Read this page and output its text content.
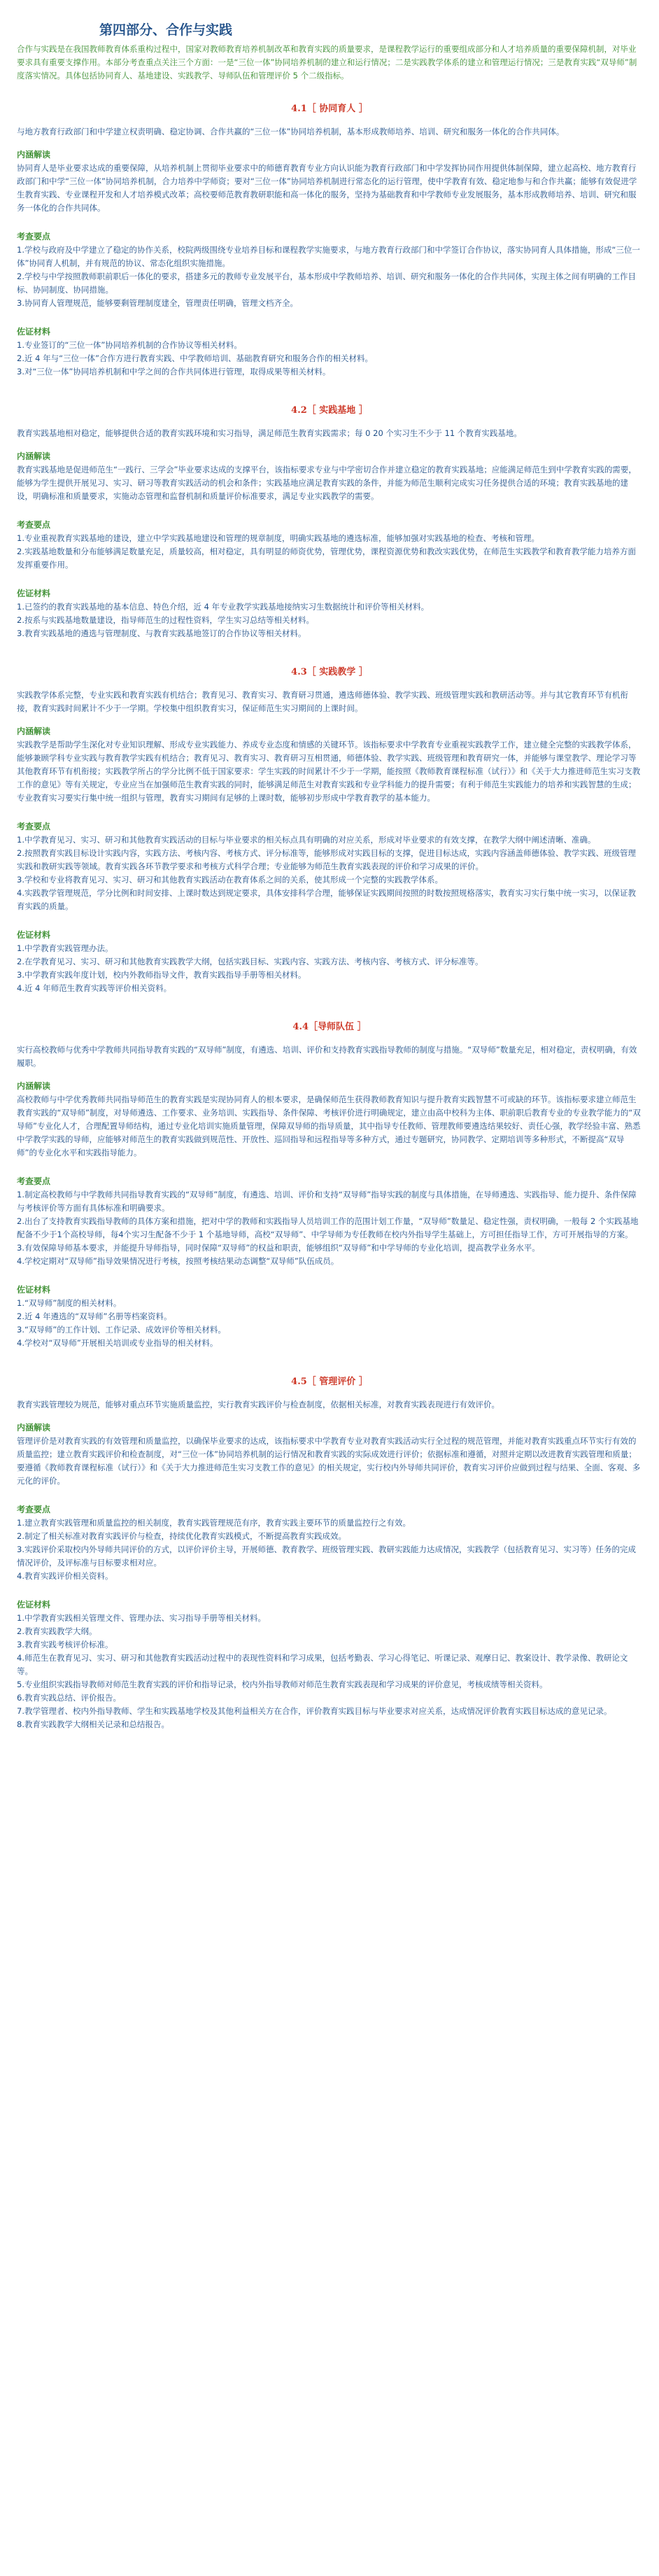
第四部分、合作与实践

合作与实践是在我国教师教育体系重构过程中，国家对教师教育培养机制改革和教育实践的质量要求，是课程教学运行的重要组成部分和人才培养质量的重要保障机制，对毕业要求具有重要支撑作用。本部分考查重点关注三个方面：一是“三位一体”协同培养机制的建立和运行情况；二是实践教学体系的建立和管理运行情况；三是教育实践“双导师”制度落实情况。具体包括协同育人、基地建设、实践教学、导师队伍和管理评价 5 个二级指标。

4.1［ 协同育人 ］

与地方教育行政部门和中学建立权责明确、稳定协调、合作共赢的“三位一体”协同培养机制，基本形成教师培养、培训、研究和服务一体化的合作共同体。

内涵解读

协同育人是毕业要求达成的重要保障，从培养机制上贯彻毕业要求中的师德育教育专业方向认识能为教育行政部门和中学发挥协同作用提供体制保障，建立起高校、地方教育行政部门和中学“三位一体”协同培养机制，合力培养中学师资；要对“三位一体”协同培养机制进行常态化的运行管理，使中学教育有效、稳定地参与和合作共赢；能够有效促进学生教育实践、专业课程开发和人才培养模式改革；高校要师范教育教研职能和高一体化的服务，坚持为基础教育和中学教师专业发展服务，基本形成教师培养、培训、研究和服务一体化的合作共同体。

考查要点

1.学校与政府及中学建立了稳定的协作关系，校院两级围绕专业培养目标和课程教学实施要求，与地方教育行政部门和中学签订合作协议，落实协同育人具体措施，形成“三位一体”协同育人机制，并有规范的协议、常态化组织实施措施。

2.学校与中学按照教师职前职后一体化的要求，搭建多元的教师专业发展平台，基本形成中学教师培养、培训、研究和服务一体化的合作共同体，实现主体之间有明确的工作目标、协同制度、协同措施。

3.协同育人管理规范，能够要剩管理制度建全，管理责任明确，管理文档齐全。

佐证材料

1.专业签订的“三位一体”协同培养机制的合作协议等相关材料。

2.近 4 年与“三位一体”合作方进行教育实践、中学教师培训、基础教育研究和服务合作的相关材料。

3.对“三位一体”协同培养机制和中学之间的合作共同体进行管理，取得成果等相关材料。

4.2［ 实践基地 ］

教育实践基地相对稳定，能够提供合适的教育实践环境和实习指导，满足师范生教育实践需求；每 0 20 个实习生不少于 11 个教育实践基地。

内涵解读

教育实践基地是促进师范生“一践行、三学会”毕业要求达成的支撑平台，该指标要求专业与中学密切合作并建立稳定的教育实践基地；应能满足师范生到中学教育实践的需要，能够为学生提供开展见习、实习、研习等教育实践活动的机会和条件；实践基地应满足教育实践的条件，并能为师范生顺利完成实习任务提供合适的环境；教育实践基地的建设，明确标准和质量要求，实施动态管理和监督机制和质量评价标准要求，满足专业实践教学的需要。

考查要点

1.专业重视教育实践基地的建设，建立中学实践基地建设和管理的规章制度，明确实践基地的遴选标准，能够加强对实践基地的检查、考核和管理。

2.实践基地数量和分布能够满足数量充足，质量较高，相对稳定，具有明显的师资优势，管理优势，课程资源优势和教改实践优势，在师范生实践教学和教育教学能力培养方面发挥重要作用。

佐证材料

1.已签约的教育实践基地的基本信息、特色介绍，近 4 年专业教学实践基地接纳实习生数据统计和评价等相关材料。

2.按系与实践基地数量建设，指导师范生的过程性资料，学生实习总结等相关材料。

3.教育实践基地的遴选与管理制度、与教育实践基地签订的合作协议等相关材料。

4.3［ 实践教学 ］

实践教学体系完整，专业实践和教育实践有机结合；教育见习、教育实习、教育研习贯通，遴选师德体验、教学实践、班级管理实践和教研活动等。并与其它教育环节有机衔接，教育实践时间累计不少于一学期。学校集中组织教育实习，保证师范生实习期间的上课时间。

内涵解读

实践教学是帮助学生深化对专业知识理解、形成专业实践能力、养成专业态度和情感的关键环节。该指标要求中学教育专业重视实践教学工作，建立健全完整的实践教学体系，能够兼顾学科专业实践与教育教学实践有机结合；教育见习、教育实习、教育研习互相贯通，师德体验、教学实践、班级管理和教育研究一体，并能够与课堂教学、理论学习等其他教育环节有机衔接；实践教学所占的学分比例不低于国家要求：学生实践的时间累计不少于一学期，能按照《教师教育课程标准（试行）》和《关于大力推进师范生实习支教工作的意见》等有关规定，专业应当在加强师范生教育实践的同时，能够满足师范生对教育实践和专业学科能力的提升需要；有利于师范生实践能力的培养和实践智慧的生成；专业教育实习要实行集中统一组织与管理，教育实习期间有足够的上课时数，能够初步形成中学教育教学的基本能力。

考查要点

1.中学教育见习、实习、研习和其他教育实践活动的目标与毕业要求的相关标点具有明确的对应关系，形成对毕业要求的有效支撑，在教学大纲中阐述清晰、准确。

2.按照教育实践目标设计实践内容，实践方法、考核内容、考核方式、评分标准等，能够形成对实践目标的支撑，促进目标达成，实践内容涵盖师德体验、教学实践、班级管理实践和教研实践等领域。教育实践各环节教学要求和考核方式科学合理；专业能够为师范生教育实践表现的评价和学习成果的评价。

3.学校和专业将教育见习、实习、研习和其他教育实践活动在教育体系之间的关系，使其形成一个完整的实践教学体系。

4.实践教学管理规范，学分比例和时间安排、上课时数达到规定要求，具体安排科学合理，能够保证实践期间按照的时数按照规格落实，教育实习实行集中统一实习，以保证教育实践的质量。

佐证材料

1.中学教育实践管理办法。

2.在学教育见习、实习、研习和其他教育实践教学大纲，包括实践目标、实践内容、实践方法、考核内容、考核方式、评分标准等。

3.中学教育实践年度计划，校内外教师指导文件，教育实践指导手册等相关材料。

4.近 4 年师范生教育实践等评价相关资料。

4.4［导师队伍 ］

实行高校教师与优秀中学教师共同指导教育实践的“双导师”制度，有遴选、培训、评价和支持教育实践指导教师的制度与措施。“双导师”数量充足，相对稳定，责权明确，有效履职。

内涵解读

高校教师与中学优秀教师共同指导师范生的教育实践是实现协同育人的根本要求，是确保师范生获得教师教育知识与提升教育实践智慧不可或缺的环节。该指标要求建立师范生教育实践的“双导师”制度，对导师遴选、工作要求、业务培训、实践指导、条件保障、考核评价进行明确规定，建立由高中校科为主体、职前职后教育专业的专业教学能力的“双导师”专业化人才，合理配置导师结构，通过专业化培训实施质量管理，保障双导师的指导质量，其中指导专任教师、管理教师要遴选结果较好、责任心强，教学经验丰富、熟悉中学教学实践的导师，应能够对师范生的教育实践做到规范性、开放性、巡回指导和远程指导等多种方式，通过专题研究，协同教学、定期培训等多种形式，不断提高“双导师”的专业化水平和实践指导能力。

考查要点

1.制定高校教师与中学教师共同指导教育实践的“双导师”制度，有遴选、培训、评价和支持“双导师”指导实践的制度与具体措施，在导师遴选、实践指导、能力提升、条件保障与考核评价等方面有具体标准和明确要求。

2.出台了支持教育实践指导教师的具体方案和措施，把对中学的教师和实践指导人员培训工作的范围计划工作量，“双导师”数量足、稳定性强，责权明确，一般每 2 个实践基地配备不少于1个高校导师，每4个实习生配备不少于 1 个基地导师，高校“双导师”、中学导师为专任教师在校内外指导学生基础上，方可担任指导工作，方可开展指导的方案。

3.有效保障导师基本要求，并能提升导师指导，同时保障“双导师”的权益和职责，能够组织“双导师”和中学导师的专业化培训，提高教学业务水平。

4.学校定期对“双导师”指导效果情况进行考核，按照考核结果动态调整“双导师”队伍成员。

佐证材料

1.“双导师”制度的相关材料。

2.近 4 年遴选的“双导师”名册等档案资料。

3.“双导师”的工作计划、工作记录、成效评价等相关材料。

4.学校对“双导师”开展相关培训或专业指导的相关材料。

4.5［ 管理评价 ］

教育实践管理较为规范，能够对重点环节实施质量监控，实行教育实践评价与检查制度，依据相关标准，对教育实践表现进行有效评价。

内涵解读

管理评价是对教育实践的有效管理和质量监控，以确保毕业要求的达成，该指标要求中学教育专业对教育实践活动实行全过程的规范管理，并能对教育实践重点环节实行有效的质量监控；建立教育实践评价和检查制度，对“三位一体”协同培养机制的运行情况和教育实践的实际成效进行评价；依据标准和遵循，对照并定期以改进教育实践管理和质量；要遵循《教师教育课程标准（试行）》和《关于大力推进师范生实习支教工作的意见》的相关规定，实行校内外导师共同评价，教育实习评价应做到过程与结果、全面、客观、多元化的评价。

考查要点

1.建立教育实践管理和质量监控的相关制度，教育实践管理规范有序，教育实践主要环节的质量监控行之有效。

2.制定了相关标准对教育实践评价与检查，持续优化教育实践模式，不断提高教育实践成效。

3.实践评价采取校内外导师共同评价的方式，以评价评价主导，开展师德、教育教学、班级管理实践、教研实践能力达成情况，实践教学（包括教育见习、实习等）任务的完成情况评价，及评标准与目标要求相对应。

4.教育实践评价相关资料。

佐证材料

1.中学教育实践相关管理文件、管理办法、实习指导手册等相关材料。

2.教育实践教学大纲。

3.教育实践考核评价标准。

4.师范生在教育见习、实习、研习和其他教育实践活动过程中的表现性资料和学习成果，包括考勤表、学习心得笔记、听课记录、观摩日记、教案设计、教学录像、教研论文等。

5.专业组织实践指导教师对师范生教育实践的评价和指导记录，校内外指导教师对师范生教育实践表现和学习成果的评价意见，考核成绩等相关资料。

6.教育实践总结、评价报告。

7.教学管理者、校内外指导教师、学生和实践基地学校及其他利益相关方在合作，评价教育实践目标与毕业要求对应关系，达成情况评价教育实践目标达成的意见记录。

8.教育实践教学大纲相关记录和总结报告。
